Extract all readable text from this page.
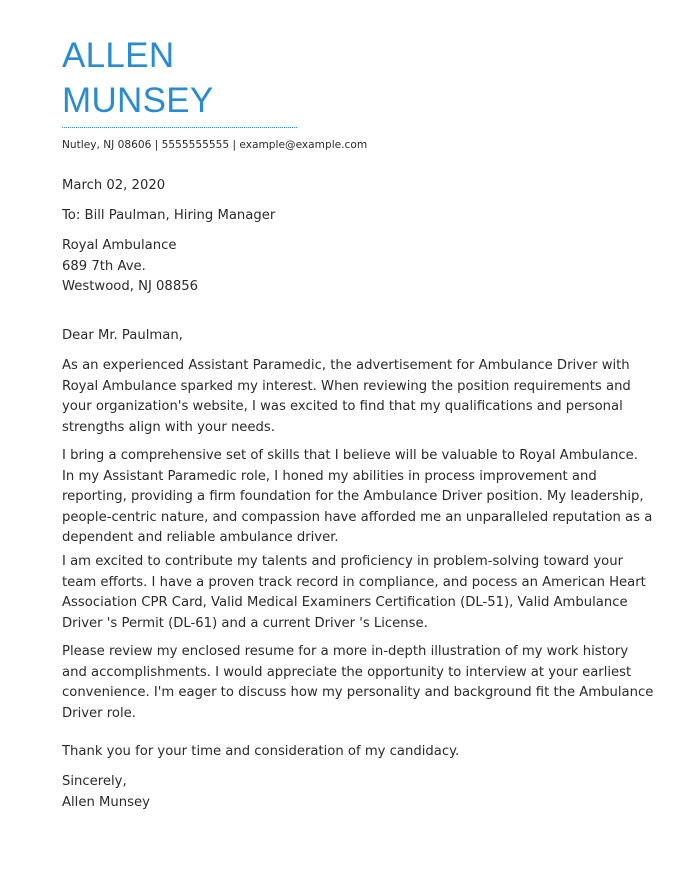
ALLEN
MUNSEY
Nutley, NJ 08606 | 5555555555 | example@example.com
March 02, 2020
To: Bill Paulman, Hiring Manager
Royal Ambulance
689 7th Ave.
Westwood, NJ 08856
Dear Mr. Paulman,
As an experienced Assistant Paramedic, the advertisement for Ambulance Driver with
Royal Ambulance sparked my interest. When reviewing the position requirements and
your organization's website, I was excited to find that my qualifications and personal
strengths align with your needs.
I bring a comprehensive set of skills that I believe will be valuable to Royal Ambulance.
In my Assistant Paramedic role, I honed my abilities in process improvement and
reporting, providing a firm foundation for the Ambulance Driver position. My leadership,
people-centric nature, and compassion have afforded me an unparalleled reputation as a
dependent and reliable ambulance driver.
I am excited to contribute my talents and proficiency in problem-solving toward your
team efforts. I have a proven track record in compliance, and pocess an American Heart
Association CPR Card, Valid Medical Examiners Certification (DL-51), Valid Ambulance
Driver 's Permit (DL-61) and a current Driver 's License.
Please review my enclosed resume for a more in-depth illustration of my work history
and accomplishments. I would appreciate the opportunity to interview at your earliest
convenience. I'm eager to discuss how my personality and background fit the Ambulance
Driver role.
Thank you for your time and consideration of my candidacy.
Sincerely,
Allen Munsey
